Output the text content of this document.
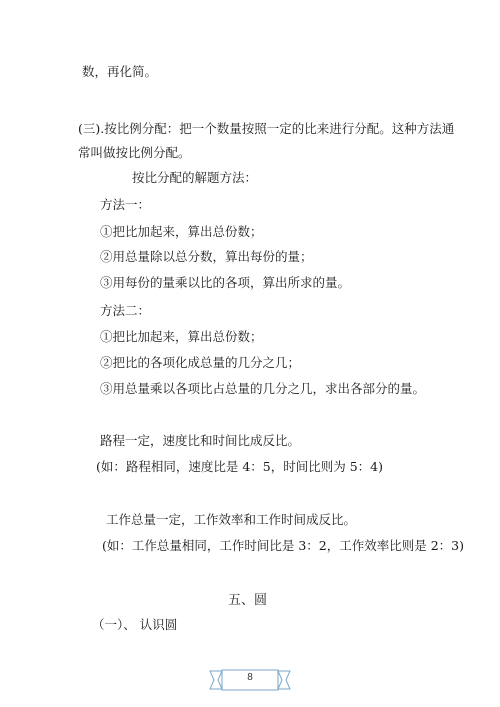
数，再化简。
(三).按比例分配：把一个数量按照一定的比来进行分配。这种方法通
常叫做按比例分配。
按比分配的解题方法：
方法一：
①把比加起来，算出总份数；
②用总量除以总分数，算出每份的量；
③用每份的量乘以比的各项，算出所求的量。
方法二：
①把比加起来，算出总份数；
②把比的各项化成总量的几分之几；
③用总量乘以各项比占总量的几分之几，求出各部分的量。
路程一定，速度比和时间比成反比。
(如：路程相同，速度比是 4：5，时间比则为 5：4)
工作总量一定，工作效率和工作时间成反比。
(如：工作总量相同，工作时间比是 3：2，工作效率比则是 2：3)
五、圆
（一）、 认识圆
8
